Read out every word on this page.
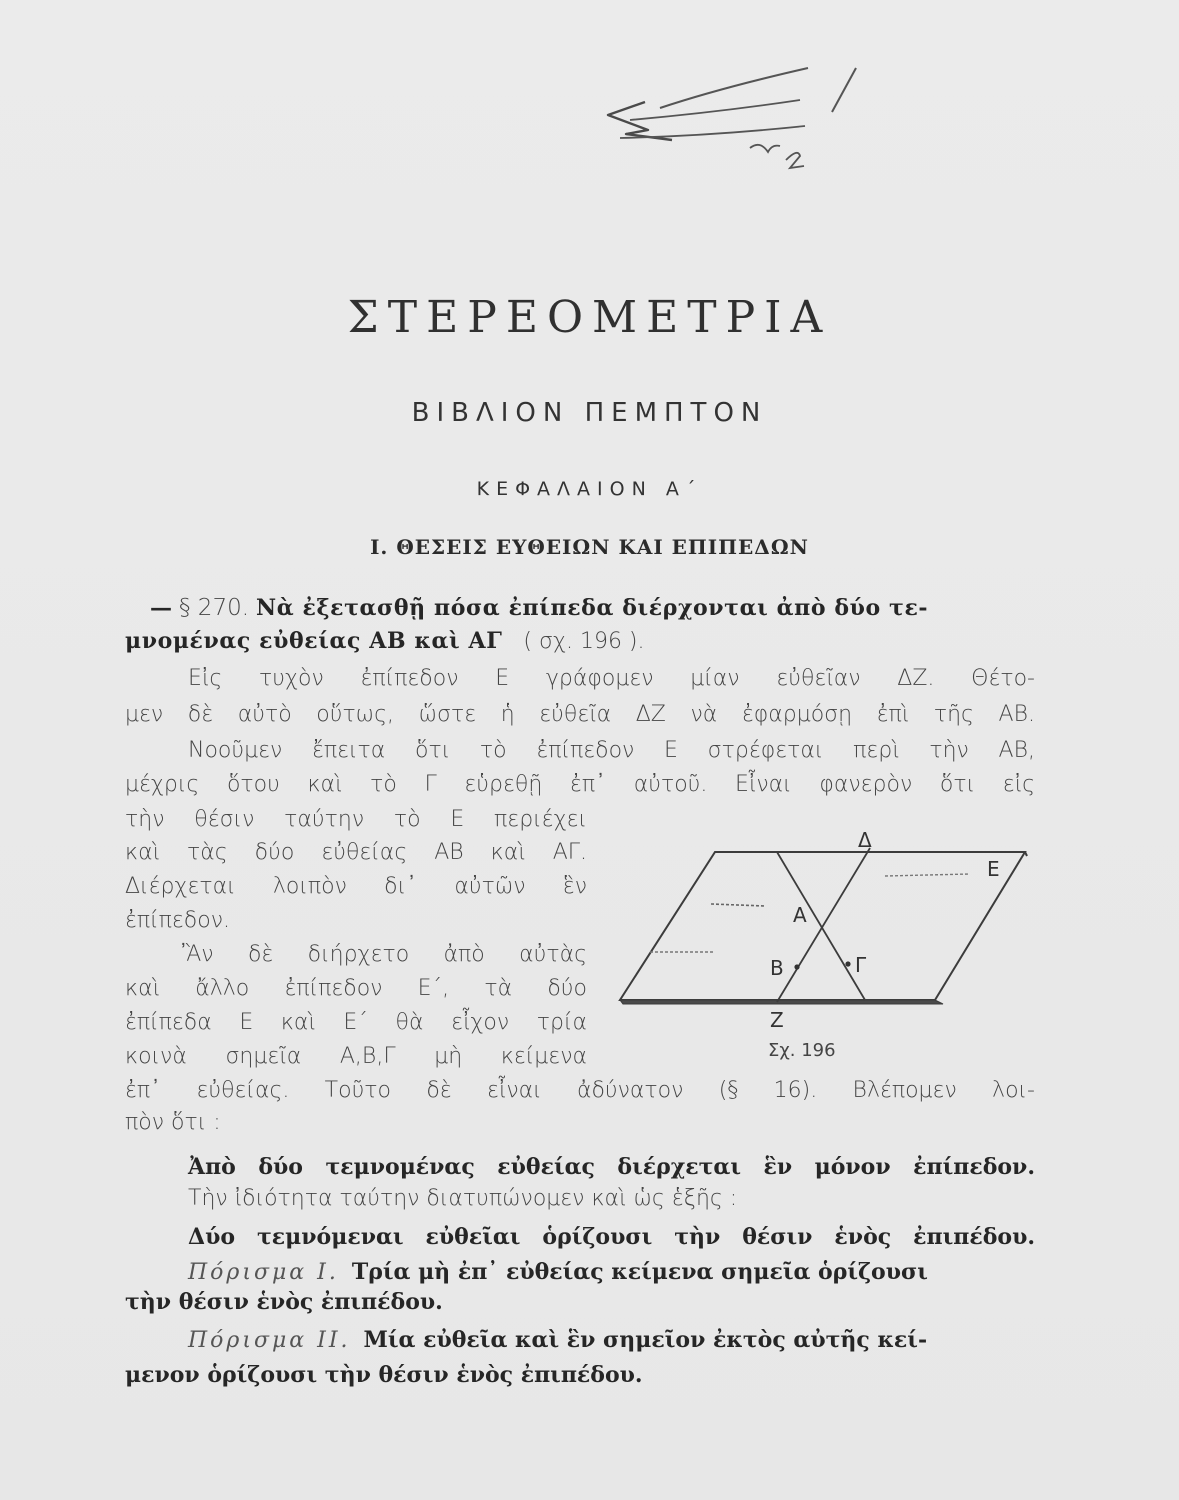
ΣΤΕΡΕΟΜΕΤΡΙΑ
ΒΙΒΛΙΟΝ ΠΕΜΠΤΟΝ
ΚΕΦΑΛΑΙΟΝ Α΄
Ι. ΘΕΣΕΙΣ ΕΥΘΕΙΩΝ ΚΑΙ ΕΠΙΠΕΔΩΝ
— § 270. Νὰ ἐξετασθῇ πόσα ἐπίπεδα διέρχονται ἀπὸ δύο τε-
μνομένας εὐθείας ΑΒ καὶ ΑΓ ( σχ. 196 ).
Εἰς τυχὸν ἐπίπεδον Ε γράφομεν μίαν εὐθεῖαν ΔΖ. Θέτο-
μεν δὲ αὐτὸ οὕτως, ὥστε ἡ εὐθεῖα ΔΖ νὰ ἐφαρμόσῃ ἐπὶ τῆς ΑΒ.
Νοοῦμεν ἔπειτα ὅτι τὸ ἐπίπεδον Ε στρέφεται περὶ τὴν ΑΒ,
μέχρις ὅτου καὶ τὸ Γ εὑρεθῇ ἐπ᾽ αὐτοῦ. Εἶναι φανερὸν ὅτι εἰς
τὴν θέσιν ταύτην τὸ Ε περιέχει
καὶ τὰς δύο εὐθείας ΑΒ καὶ ΑΓ.
Διέρχεται λοιπὸν δι᾽ αὐτῶν ἓν
ἐπίπεδον.
Ἂν δὲ διήρχετο ἀπὸ αὐτὰς
καὶ ἄλλο ἐπίπεδον Ε΄, τὰ δύο
ἐπίπεδα Ε καὶ Ε΄ θὰ εἶχον τρία
κοινὰ σημεῖα Α,Β,Γ μὴ κείμενα
ἐπ᾽ εὐθείας. Τοῦτο δὲ εἶναι ἀδύνατον (§ 16). Βλέπομεν λοι-
πὸν ὅτι :
Ἀπὸ δύο τεμνομένας εὐθείας διέρχεται ἓν μόνον ἐπίπεδον.
Τὴν ἰδιότητα ταύτην διατυπώνομεν καὶ ὡς ἑξῆς :
Δύο τεμνόμεναι εὐθεῖαι ὁρίζουσι τὴν θέσιν ἑνὸς ἐπιπέδου.
Πόρισμα Ι. Τρία μὴ ἐπ᾽ εὐθείας κείμενα σημεῖα ὁρίζουσι
τὴν θέσιν ἑνὸς ἐπιπέδου.
Πόρισμα ΙΙ. Μία εὐθεῖα καὶ ἓν σημεῖον ἐκτὸς αὐτῆς κεί-
μενον ὁρίζουσι τὴν θέσιν ἑνὸς ἐπιπέδου.
Δ
Ε
Α
Β	Γ
Ζ
Σχ. 196
